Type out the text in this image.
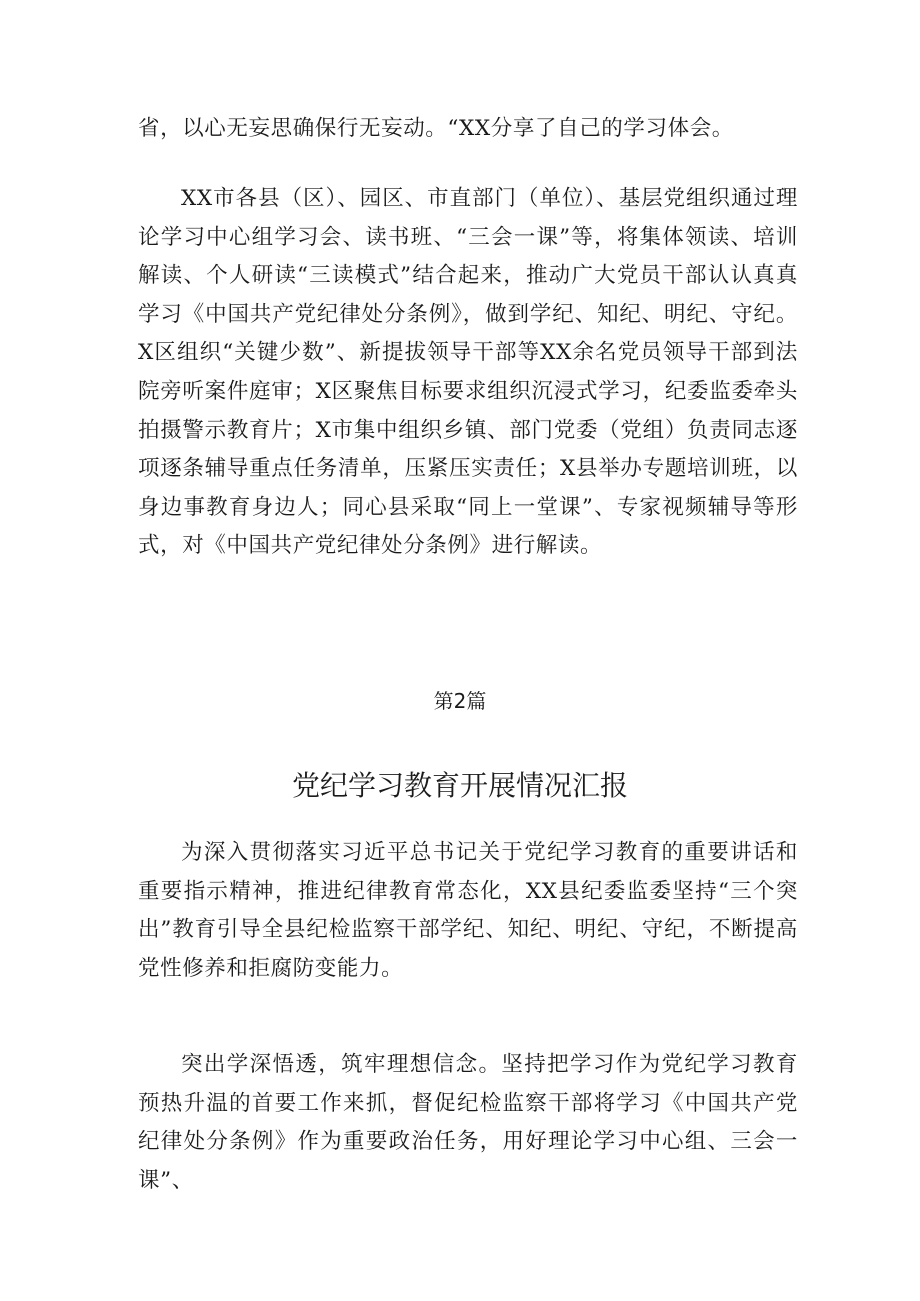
省，以心无妄思确保行无妄动。“XX分享了自己的学习体会。

XX市各县（区）、园区、市直部门（单位）、基层党组织通过理论学习中心组学习会、读书班、“三会一课”等，将集体领读、培训解读、个人研读“三读模式”结合起来，推动广大党员干部认认真真学习《中国共产党纪律处分条例》，做到学纪、知纪、明纪、守纪。X区组织“关键少数”、新提拔领导干部等XX余名党员领导干部到法院旁听案件庭审；X区聚焦目标要求组织沉浸式学习，纪委监委牵头拍摄警示教育片；X市集中组织乡镇、部门党委（党组）负责同志逐项逐条辅导重点任务清单，压紧压实责任；X县举办专题培训班，以身边事教育身边人；同心县采取“同上一堂课”、专家视频辅导等形式，对《中国共产党纪律处分条例》进行解读。

第2篇

党纪学习教育开展情况汇报

为深入贯彻落实习近平总书记关于党纪学习教育的重要讲话和重要指示精神，推进纪律教育常态化，XX县纪委监委坚持“三个突出”教育引导全县纪检监察干部学纪、知纪、明纪、守纪，不断提高党性修养和拒腐防变能力。

突出学深悟透，筑牢理想信念。坚持把学习作为党纪学习教育预热升温的首要工作来抓，督促纪检监察干部将学习《中国共产党纪律处分条例》作为重要政治任务，用好理论学习中心组、三会一课”、
